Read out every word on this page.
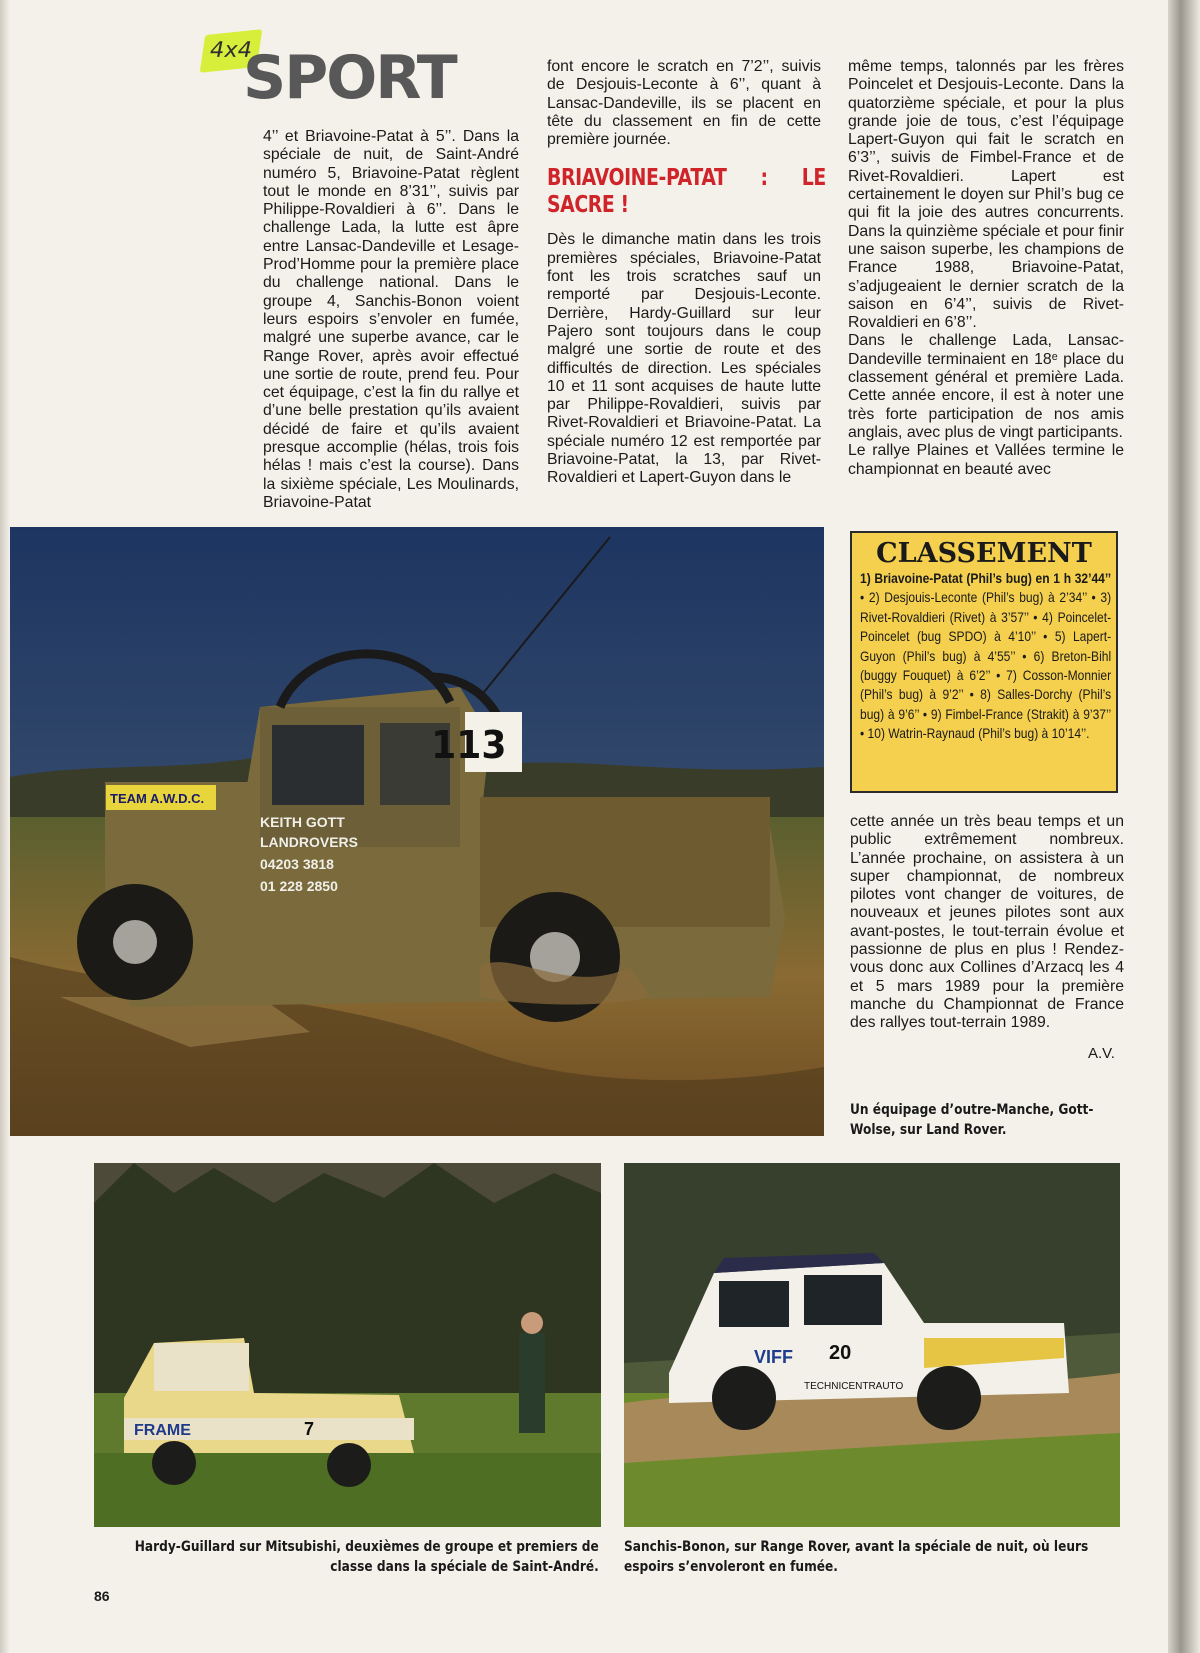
4x4
SPORT

4’’ et Briavoine-Patat à 5’’. Dans la spéciale de nuit, de Saint-André numéro 5, Briavoine-Patat règlent tout le monde en 8’31’’, suivis par Philippe-Rovaldieri à 6’’. Dans le challenge Lada, la lutte est âpre entre Lansac-Dandeville et Lesage-Prod’Homme pour la première place du challenge national. Dans le groupe 4, Sanchis-Bonon voient leurs espoirs s’envoler en fumée, malgré une superbe avance, car le Range Rover, après avoir effectué une sortie de route, prend feu. Pour cet équipage, c’est la fin du rallye et d’une belle prestation qu’ils avaient décidé de faire et qu’ils avaient presque accomplie (hélas, trois fois hélas ! mais c’est la course). Dans la sixième spéciale, Les Moulinards, Briavoine-Patat

font encore le scratch en 7’2’’, suivis de Desjouis-Leconte à 6’’, quant à Lansac-Dandeville, ils se placent en tête du classement en fin de cette première journée.

BRIAVOINE-PATAT : LE SACRE !

Dès le dimanche matin dans les trois premières spéciales, Briavoine-Patat font les trois scratches sauf un remporté par Desjouis-Leconte. Derrière, Hardy-Guillard sur leur Pajero sont toujours dans le coup malgré une sortie de route et des difficultés de direction. Les spéciales 10 et 11 sont acquises de haute lutte par Philippe-Rovaldieri, suivis par Rivet-Rovaldieri et Briavoine-Patat. La spéciale numéro 12 est remportée par Briavoine-Patat, la 13, par Rivet-Rovaldieri et Lapert-Guyon dans le

même temps, talonnés par les frères Poincelet et Desjouis-Leconte. Dans la quatorzième spéciale, et pour la plus grande joie de tous, c’est l’équipage Lapert-Guyon qui fait le scratch en 6’3’’, suivis de Fimbel-France et de Rivet-Rovaldieri. Lapert est certainement le doyen sur Phil’s bug ce qui fit la joie des autres concurrents. Dans la quinzième spéciale et pour finir une saison superbe, les champions de France 1988, Briavoine-Patat, s’adjugeaient le dernier scratch de la saison en 6’4’’, suivis de Rivet-Rovaldieri en 6’8’’.

Dans le challenge Lada, Lansac-Dandeville terminaient en 18ᵉ place du classement général et première Lada. Cette année encore, il est à noter une très forte participation de nos amis anglais, avec plus de vingt participants.

Le rallye Plaines et Vallées termine le championnat en beauté avec

CLASSEMENT
1) Briavoine-Patat (Phil’s bug) en 1 h 32’44’’ • 2) Desjouis-Leconte (Phil’s bug) à 2’34’’ • 3) Rivet-Rovaldieri (Rivet) à 3’57’’ • 4) Poincelet-Poincelet (bug SPDO) à 4’10’’ • 5) Lapert-Guyon (Phil’s bug) à 4’55’’ • 6) Breton-Bihl (buggy Fouquet) à 6’2’’ • 7) Cosson-Monnier (Phil’s bug) à 9’2’’ • 8) Salles-Dorchy (Phil’s bug) à 9’6’’ • 9) Fimbel-France (Strakit) à 9’37’’ • 10) Watrin-Raynaud (Phil’s bug) à 10’14’’.
113
TEAM A.W.D.C.
KEITH GOTT
LANDROVERS
04203 3818
01 228 2850

cette année un très beau temps et un public extrêmement nombreux. L’année prochaine, on assistera à un super championnat, de nombreux pilotes vont changer de voitures, de nouveaux et jeunes pilotes sont aux avant-postes, le tout-terrain évolue et passionne de plus en plus ! Rendez-vous donc aux Collines d’Arzacq les 4 et 5 mars 1989 pour la première manche du Championnat de France des rallyes tout-terrain 1989.

A.V.
Un équipage d’outre-Manche, Gott-Wolse, sur Land Rover.
FRAME	7
VIFF 20
TECHNICENTRAUTO
Hardy-Guillard sur Mitsubishi, deuxièmes de groupe et premiers de classe dans la spéciale de Saint-André.
Sanchis-Bonon, sur Range Rover, avant la spéciale de nuit, où leurs espoirs s’envoleront en fumée.
86
